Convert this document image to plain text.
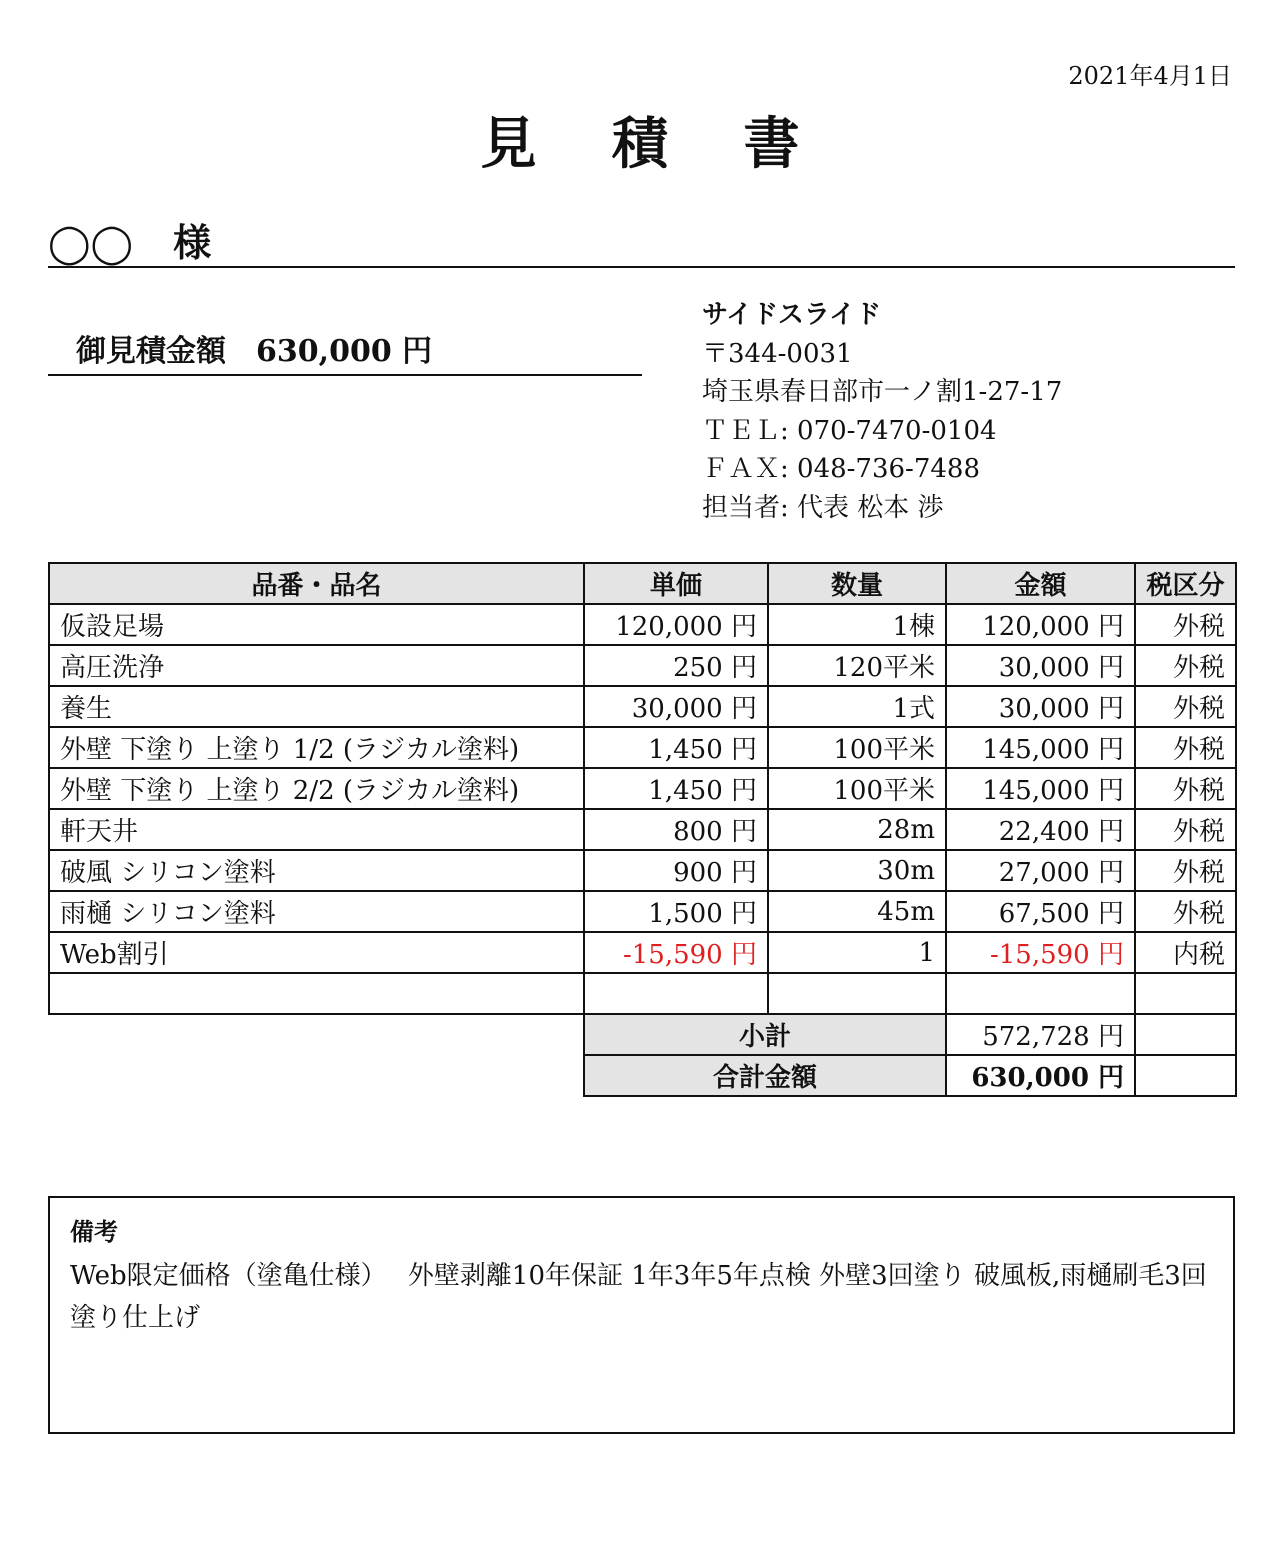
2021年4月1日
見 積 書
◯◯ 様
御見積金額 630,000 円
サイドスライド
〒344-0031
埼玉県春日部市一ノ割1-27-17
ＴＥＬ: 070-7470-0104
ＦＡＸ: 048-736-7488
担当者: 代表 松本 渉
品番・品名	単価	数量	金額	税区分
仮設足場	120,000 円	1棟	120,000 円	外税
高圧洗浄	250 円	120平米	30,000 円	外税
養生	30,000 円	1式	30,000 円	外税
外壁 下塗り 上塗り 1/2 (ラジカル塗料)	1,450 円	100平米	145,000 円	外税
外壁 下塗り 上塗り 2/2 (ラジカル塗料)	1,450 円	100平米	145,000 円	外税
軒天井	800 円	28m	22,400 円	外税
破風 シリコン塗料	900 円	30m	27,000 円	外税
雨樋 シリコン塗料	1,500 円	45m	67,500 円	外税
Web割引	-15,590 円	1	-15,590 円	内税

	小計		572,728 円	
	合計金額		630,000 円	
備考
Web限定価格（塗亀仕様）　 外壁剥離10年保証 1年3年5年点検 外壁3回塗り 破風板,雨樋刷毛3回塗り仕上げ
